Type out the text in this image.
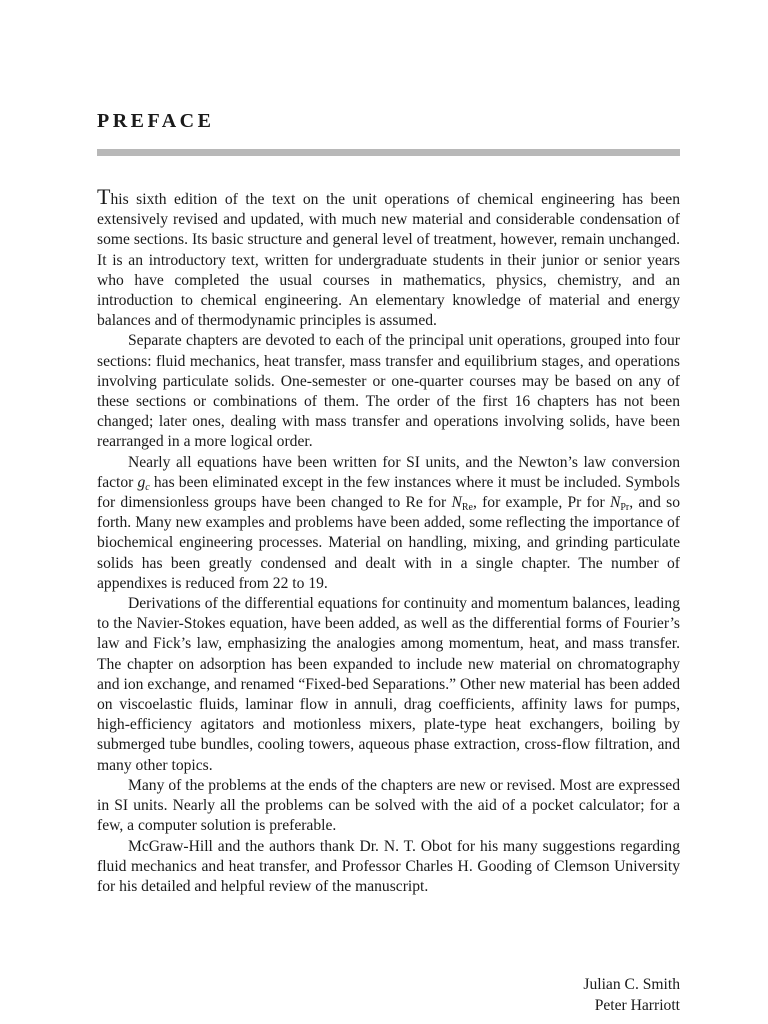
PREFACE

This sixth edition of the text on the unit operations of chemical engineering has been extensively revised and updated, with much new material and considerable condensation of some sections. Its basic structure and general level of treatment, however, remain unchanged. It is an introductory text, written for undergraduate students in their junior or senior years who have completed the usual courses in mathematics, physics, chemistry, and an introduction to chemical engineering. An elementary knowledge of material and energy balances and of thermodynamic principles is assumed.

Separate chapters are devoted to each of the principal unit operations, grouped into four sections: fluid mechanics, heat transfer, mass transfer and equilibrium stages, and operations involving particulate solids. One-semester or one-quarter courses may be based on any of these sections or combinations of them. The order of the first 16 chapters has not been changed; later ones, dealing with mass transfer and operations involving solids, have been rearranged in a more logical order.

Nearly all equations have been written for SI units, and the Newton’s law conversion factor $g_c$ has been eliminated except in the few instances where it must be included. Symbols for dimensionless groups have been changed to Re for $N_{Re}$, for example, Pr for $N_{Pr}$, and so forth. Many new examples and problems have been added, some reflecting the importance of biochemical engineering processes. Material on handling, mixing, and grinding particulate solids has been greatly condensed and dealt with in a single chapter. The number of appendixes is reduced from 22 to 19.

Derivations of the differential equations for continuity and momentum balances, leading to the Navier-Stokes equation, have been added, as well as the differential forms of Fourier’s law and Fick’s law, emphasizing the analogies among momentum, heat, and mass transfer. The chapter on adsorption has been expanded to include new material on chromatography and ion exchange, and renamed “Fixed-bed Separations.” Other new material has been added on viscoelastic fluids, laminar flow in annuli, drag coefficients, affinity laws for pumps, high-efficiency agitators and motionless mixers, plate-type heat exchangers, boiling by submerged tube bundles, cooling towers, aqueous phase extraction, cross-flow filtration, and many other topics.

Many of the problems at the ends of the chapters are new or revised. Most are expressed in SI units. Nearly all the problems can be solved with the aid of a pocket calculator; for a few, a computer solution is preferable.

McGraw-Hill and the authors thank Dr. N. T. Obot for his many suggestions regarding fluid mechanics and heat transfer, and Professor Charles H. Gooding of Clemson University for his detailed and helpful review of the manuscript.

Julian C. Smith
Peter Harriott
